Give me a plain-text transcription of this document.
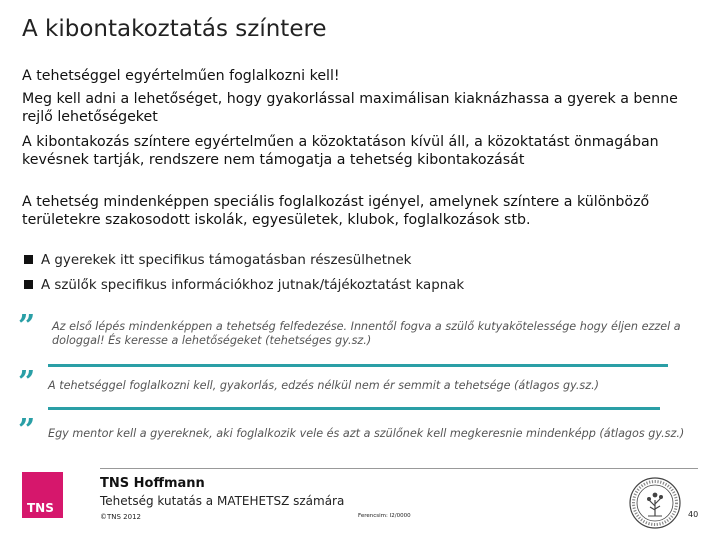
A kibontakoztatás színtere
A tehetséggel egyértelműen foglalkozni kell!
Meg kell adni a lehetőséget, hogy gyakorlással maximálisan kiaknázhassa a gyerek a benne rejlő lehetőségeket
A kibontakozás színtere egyértelműen a közoktatáson kívül áll, a közoktatást önmagában kevésnek tartják, rendszere nem támogatja a tehetség kibontakozását
A tehetség mindenképpen speciális foglalkozást igényel, amelynek színtere a különböző területekre szakosodott iskolák, egyesületek, klubok, foglalkozások stb.
A gyerekek itt specifikus támogatásban részesülhetnek
A szülők specifikus információkhoz jutnak/tájékoztatást kapnak
” Az első lépés mindenképpen a tehetség felfedezése. Innentől fogva a szülő kutyakötelessége hogy éljen ezzel a dologgal! És keresse a lehetőségeket (tehetséges gy.sz.)
” A tehetséggel foglalkozni kell, gyakorlás, edzés nélkül nem ér semmit a tehetsége (átlagos gy.sz.)
” Egy mentor kell a gyereknek, aki foglalkozik vele és azt a szülőnek kell megkeresnie mindenképp (átlagos gy.sz.)
TNS
TNS Hoffmann
Tehetség kutatás a MATEHETSZ számára
©TNS 2012	Ferencsim: I2/0000	40
